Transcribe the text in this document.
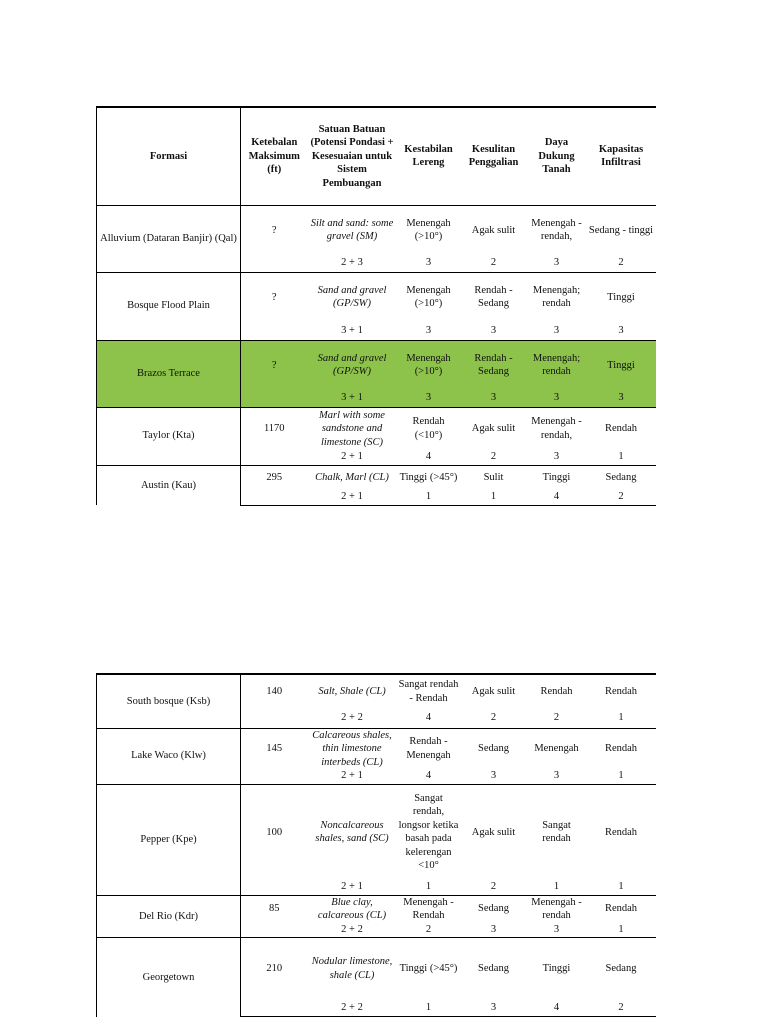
Formasi	Ketebalan Maksimum (ft)	Satuan Batuan (Potensi Pondasi + Kesesuaian untuk Sistem Pembuangan	Kestabilan Lereng	Kesulitan Penggalian	Daya Dukung Tanah	Kapasitas Infiltrasi
Alluvium (Dataran Banjir) (Qal)	?	Silt and sand: some gravel (SM)	Menengah (>10°)	Agak sulit	Menengah - rendah,	Sedang - tinggi
		2 + 3	3	2	3	2
Bosque Flood Plain	?	Sand and gravel (GP/SW)	Menengah (>10°)	Rendah - Sedang	Menengah; rendah	Tinggi
		3 + 1	3	3	3	3
Brazos Terrace	?	Sand and gravel (GP/SW)	Menengah (>10°)	Rendah - Sedang	Menengah; rendah	Tinggi
		3 + 1	3	3	3	3
Taylor (Kta)	1170	Marl with some sandstone and limestone (SC)	Rendah (<10°)	Agak sulit	Menengah - rendah,	Rendah
		2 + 1	4	2	3	1
Austin (Kau)	295	Chalk, Marl (CL)	Tinggi (>45°)	Sulit	Tinggi	Sedang
		2 + 1	1	1	4	2
South bosque (Ksb)	140	Salt, Shale (CL)	Sangat rendah - Rendah	Agak sulit	Rendah	Rendah
		2 + 2	4	2	2	1
Lake Waco (Klw)	145	Calcareous shales, thin limestone interbeds (CL)	Rendah - Menengah	Sedang	Menengah	Rendah
		2 + 1	4	3	3	1
Pepper (Kpe)	100	Noncalcareous shales, sand (SC)	Sangat rendah, longsor ketika basah pada kelerengan <10°	Agak sulit	Sangat rendah	Rendah
		2 + 1	1	2	1	1
Del Rio (Kdr)	85	Blue clay, calcareous (CL)	Menengah - Rendah	Sedang	Menengah - rendah	Rendah
		2 + 2	2	3	3	1
Georgetown	210	Nodular limestone, shale (CL)	Tinggi (>45°)	Sedang	Tinggi	Sedang
		2 + 2	1	3	4	2
